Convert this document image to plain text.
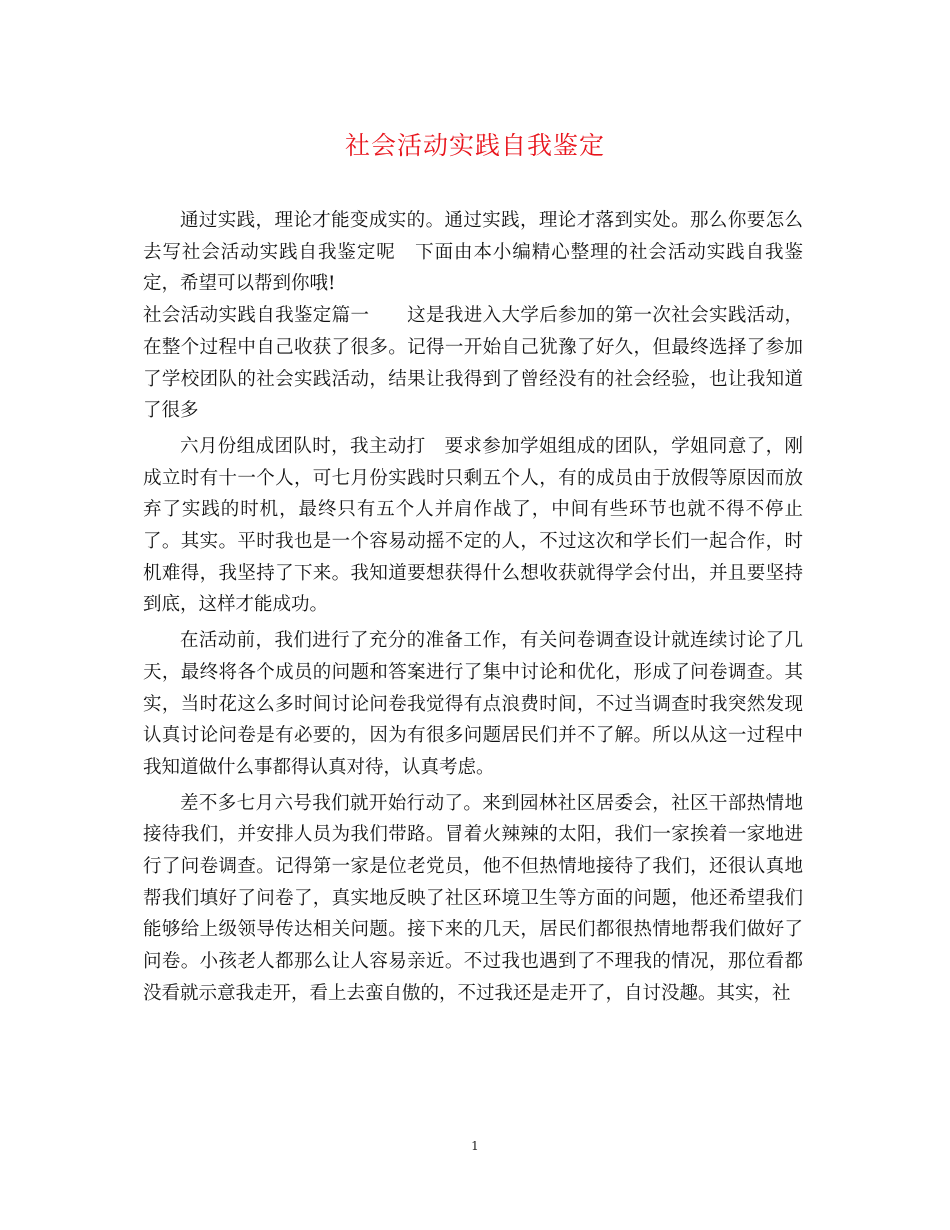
社会活动实践自我鉴定

通过实践，理论才能变成实的。通过实践，理论才落到实处。那么你要怎么去写社会活动实践自我鉴定呢　下面由本小编精心整理的社会活动实践自我鉴定，希望可以帮到你哦!

社会活动实践自我鉴定篇一　　这是我进入大学后参加的第一次社会实践活动，在整个过程中自己收获了很多。记得一开始自己犹豫了好久，但最终选择了参加了学校团队的社会实践活动，结果让我得到了曾经没有的社会经验，也让我知道了很多

六月份组成团队时，我主动打　要求参加学姐组成的团队，学姐同意了，刚成立时有十一个人，可七月份实践时只剩五个人，有的成员由于放假等原因而放弃了实践的时机，最终只有五个人并肩作战了，中间有些环节也就不得不停止了。其实。平时我也是一个容易动摇不定的人，不过这次和学长们一起合作，时机难得，我坚持了下来。我知道要想获得什么想收获就得学会付出，并且要坚持到底，这样才能成功。

在活动前，我们进行了充分的准备工作，有关问卷调查设计就连续讨论了几天，最终将各个成员的问题和答案进行了集中讨论和优化，形成了问卷调查。其实，当时花这么多时间讨论问卷我觉得有点浪费时间，不过当调查时我突然发现认真讨论问卷是有必要的，因为有很多问题居民们并不了解。所以从这一过程中我知道做什么事都得认真对待，认真考虑。

差不多七月六号我们就开始行动了。来到园林社区居委会，社区干部热情地接待我们，并安排人员为我们带路。冒着火辣辣的太阳，我们一家挨着一家地进行了问卷调查。记得第一家是位老党员，他不但热情地接待了我们，还很认真地帮我们填好了问卷了，真实地反映了社区环境卫生等方面的问题，他还希望我们能够给上级领导传达相关问题。接下来的几天，居民们都很热情地帮我们做好了问卷。小孩老人都那么让人容易亲近。不过我也遇到了不理我的情况，那位看都没看就示意我走开，看上去蛮自傲的，不过我还是走开了，自讨没趣。其实，社

1
